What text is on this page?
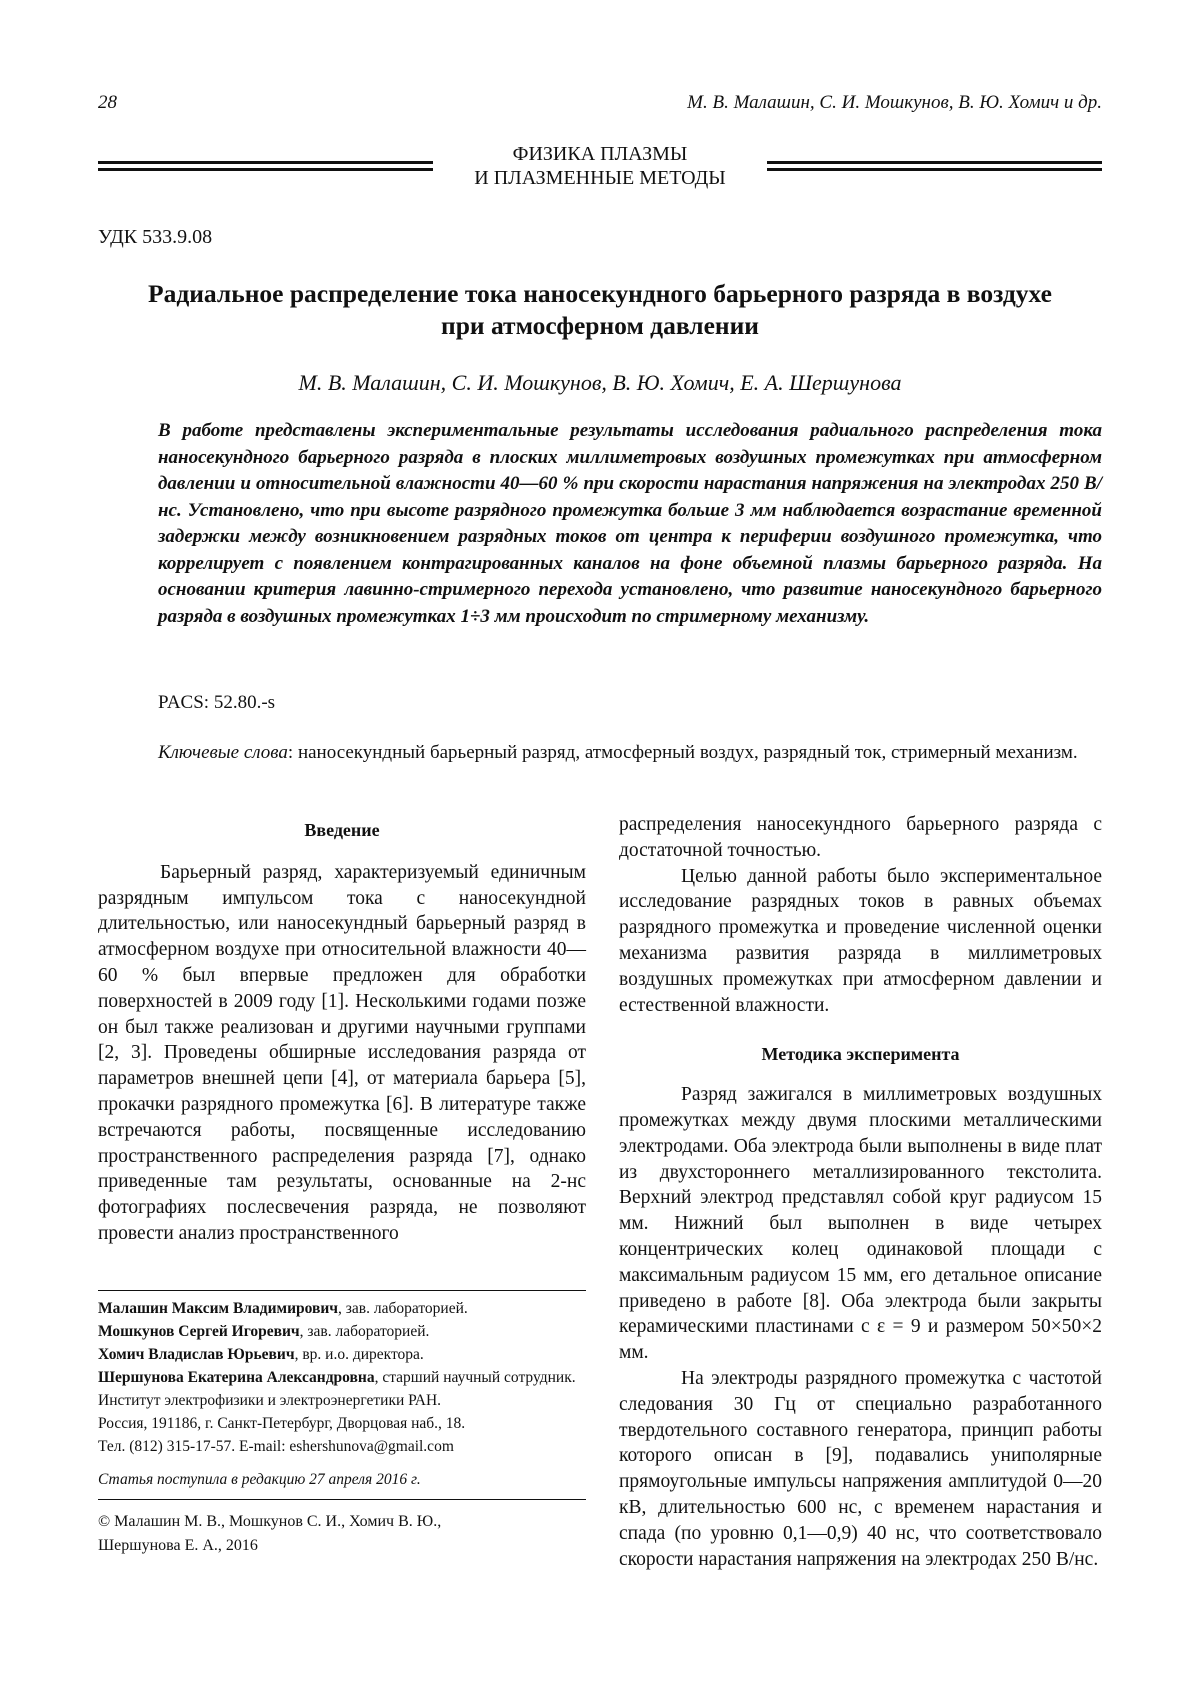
28	М. В. Малашин, С. И. Мошкунов, В. Ю. Хомич и др.
ФИЗИКА ПЛАЗМЫ
И ПЛАЗМЕННЫЕ МЕТОДЫ
УДК 533.9.08
Радиальное распределение тока наносекундного барьерного разряда в воздухе
при атмосферном давлении
М. В. Малашин, С. И. Мошкунов, В. Ю. Хомич, Е. А. Шершунова
В работе представлены экспериментальные результаты исследования радиального распределения тока наносекундного барьерного разряда в плоских миллиметровых воздушных промежутках при атмосферном давлении и относительной влажности 40—60 % при скорости нарастания напряжения на электродах 250 В/нс. Установлено, что при высоте разрядного промежутка больше 3 мм наблюдается возрастание временной задержки между возникновением разрядных токов от центра к периферии воздушного промежутка, что коррелирует с появлением контрагированных каналов на фоне объемной плазмы барьерного разряда. На основании критерия лавинно-стримерного перехода установлено, что развитие наносекундного барьерного разряда в воздушных промежутках 1÷3 мм происходит по стримерному механизму.
PACS: 52.80.-s
Ключевые слова: наносекундный барьерный разряд, атмосферный воздух, разрядный ток, стримерный механизм.
Введение

Барьерный разряд, характеризуемый единичным разрядным импульсом тока с наносекундной длительностью, или наносекундный барьерный разряд в атмосферном воздухе при относительной влажности 40—60 % был впервые предложен для обработки поверхностей в 2009 году [1]. Несколькими годами позже он был также реализован и другими научными группами [2, 3]. Проведены обширные исследования разряда от параметров внешней цепи [4], от материала барьера [5], прокачки разрядного промежутка [6]. В литературе также встречаются работы, посвященные исследованию пространственного распределения разряда [7], однако приведенные там результаты, основанные на 2-нс фотографиях послесвечения разряда, не позволяют провести анализ пространственного

распределения наносекундного барьерного разряда с достаточной точностью.

Целью данной работы было экспериментальное исследование разрядных токов в равных объемах разрядного промежутка и проведение численной оценки механизма развития разряда в миллиметровых воздушных промежутках при атмосферном давлении и естественной влажности.

Методика эксперимента

Разряд зажигался в миллиметровых воздушных промежутках между двумя плоскими металлическими электродами. Оба электрода были выполнены в виде плат из двухстороннего металлизированного текстолита. Верхний электрод представлял собой круг радиусом 15 мм. Нижний был выполнен в виде четырех концентрических колец одинаковой площади с максимальным радиусом 15 мм, его детальное описание приведено в работе [8]. Оба электрода были закрыты керамическими пластинами с ε = 9 и размером 50×50×2 мм.

На электроды разрядного промежутка с частотой следования 30 Гц от специально разработанного твердотельного составного генератора, принцип работы которого описан в [9], подавались униполярные прямоугольные импульсы напряжения амплитудой 0—20 кВ, длительностью 600 нс, с временем нарастания и спада (по уровню 0,1—0,9) 40 нс, что соответствовало скорости нарастания напряжения на электродах 250 В/нс.

Малашин Максим Владимирович, зав. лабораторией.
Мошкунов Сергей Игоревич, зав. лабораторией.
Хомич Владислав Юрьевич, вр. и.о. директора.
Шершунова Екатерина Александровна, старший научный сотрудник.
Институт электрофизики и электроэнергетики РАН.
Россия, 191186, г. Санкт-Петербург, Дворцовая наб., 18.
Тел. (812) 315-17-57. E-mail: eshershunova@gmail.com
Статья поступила в редакцию 27 апреля 2016 г.
© Малашин М. В., Мошкунов С. И., Хомич В. Ю.,
Шершунова Е. А., 2016
